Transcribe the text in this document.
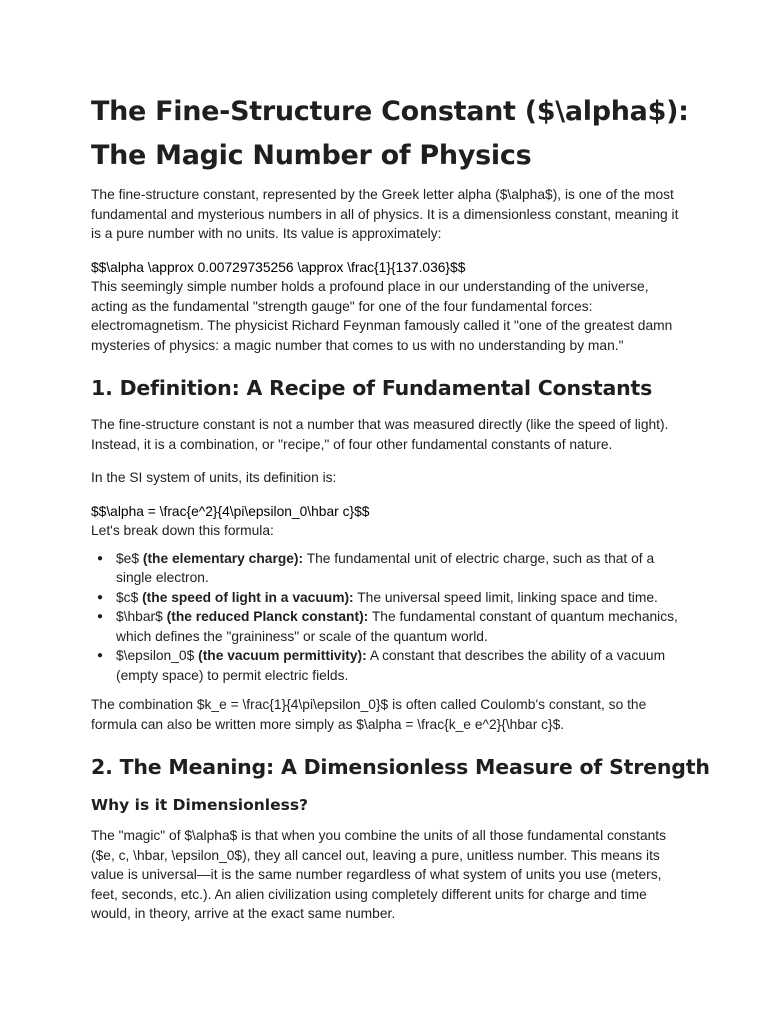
The Fine-Structure Constant ($\alpha$):
The Magic Number of Physics

The fine-structure constant, represented by the Greek letter alpha ($\alpha$), is one of the most fundamental and mysterious numbers in all of physics. It is a dimensionless constant, meaning it is a pure number with no units. Its value is approximately:

$$\alpha \approx 0.00729735256 \approx \frac{1}{137.036}$$

This seemingly simple number holds a profound place in our understanding of the universe, acting as the fundamental "strength gauge" for one of the four fundamental forces: electromagnetism. The physicist Richard Feynman famously called it "one of the greatest damn mysteries of physics: a magic number that comes to us with no understanding by man."

1. Definition: A Recipe of Fundamental Constants

The fine-structure constant is not a number that was measured directly (like the speed of light). Instead, it is a combination, or "recipe," of four other fundamental constants of nature.

In the SI system of units, its definition is:

$$\alpha = \frac{e^2}{4\pi\epsilon_0\hbar c}$$

Let's break down this formula:

● $e$ (the elementary charge): The fundamental unit of electric charge, such as that of a single electron.
● $c$ (the speed of light in a vacuum): The universal speed limit, linking space and time.
● $\hbar$ (the reduced Planck constant): The fundamental constant of quantum mechanics, which defines the "graininess" or scale of the quantum world.
● $\epsilon_0$ (the vacuum permittivity): A constant that describes the ability of a vacuum (empty space) to permit electric fields.

The combination $k_e = \frac{1}{4\pi\epsilon_0}$ is often called Coulomb's constant, so the formula can also be written more simply as $\alpha = \frac{k_e e^2}{\hbar c}$.

2. The Meaning: A Dimensionless Measure of Strength
Why is it Dimensionless?

The "magic" of $\alpha$ is that when you combine the units of all those fundamental constants ($e, c, \hbar, \epsilon_0$), they all cancel out, leaving a pure, unitless number. This means its value is universal—it is the same number regardless of what system of units you use (meters, feet, seconds, etc.). An alien civilization using completely different units for charge and time would, in theory, arrive at the exact same number.
